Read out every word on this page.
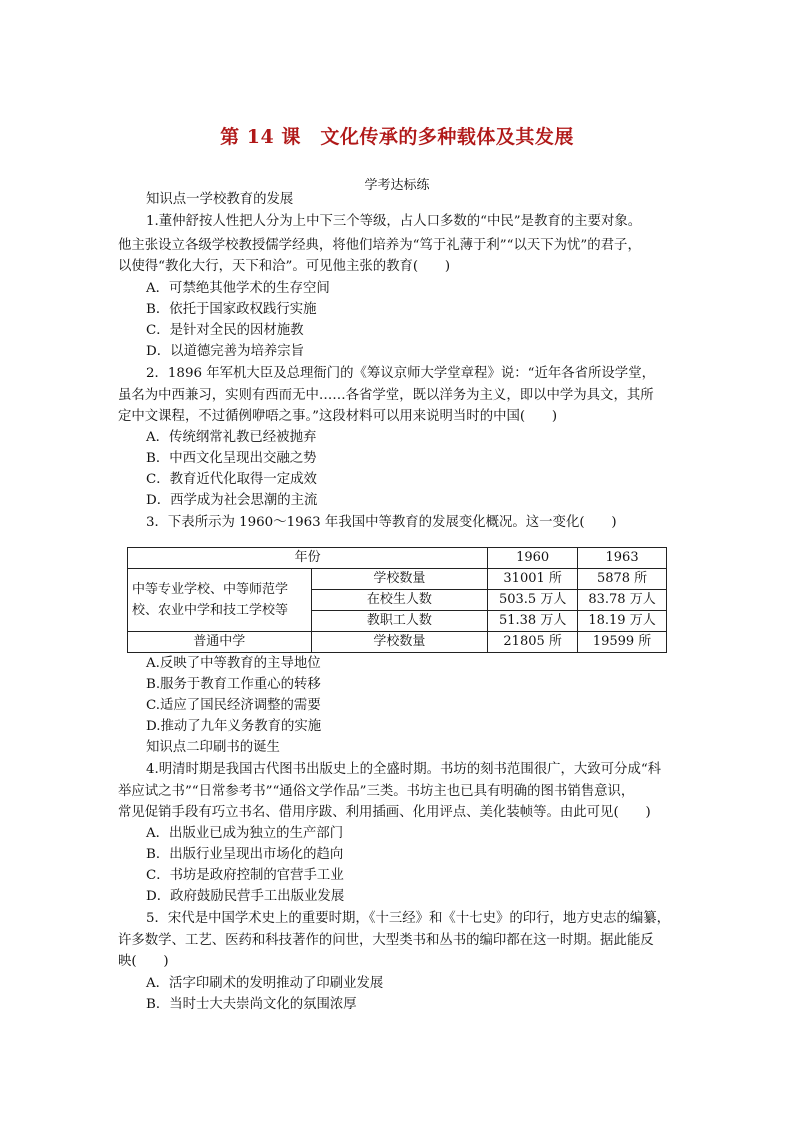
第 14 课　文化传承的多种载体及其发展
学考达标练
知识点一学校教育的发展
1.董仲舒按人性把人分为上中下三个等级，占人口多数的“中民”是教育的主要对象。
他主张设立各级学校教授儒学经典，将他们培养为“笃于礼薄于利”“以天下为忧”的君子，
以使得“教化大行，天下和洽”。可见他主张的教育(　　)
A．可禁绝其他学术的生存空间
B．依托于国家政权践行实施
C．是针对全民的因材施教
D．以道德完善为培养宗旨
2．1896 年军机大臣及总理衙门的《筹议京师大学堂章程》说：“近年各省所设学堂，
虽名为中西兼习，实则有西而无中……各省学堂，既以洋务为主义，即以中学为具文，其所
定中文课程，不过循例咿唔之事。”这段材料可以用来说明当时的中国(　　)
A．传统纲常礼教已经被抛弃
B．中西文化呈现出交融之势
C．教育近代化取得一定成效
D．西学成为社会思潮的主流
3．下表所示为 1960～1963 年我国中等教育的发展变化概况。这一变化(　　)
年份		1960	1963
中等专业学校、中等师范学校、农业中学和技工学校等	学校数量	31001 所	5878 所
	在校生人数	503.5 万人	83.78 万人
	教职工人数	51.38 万人	18.19 万人
普通中学	学校数量	21805 所	19599 所
A.反映了中等教育的主导地位
B.服务于教育工作重心的转移
C.适应了国民经济调整的需要
D.推动了九年义务教育的实施
知识点二印刷书的诞生
4.明清时期是我国古代图书出版史上的全盛时期。书坊的刻书范围很广，大致可分成“科
举应试之书”“日常参考书”“通俗文学作品”三类。书坊主也已具有明确的图书销售意识，
常见促销手段有巧立书名、借用序跋、利用插画、化用评点、美化装帧等。由此可见(　　)
A．出版业已成为独立的生产部门
B．出版行业呈现出市场化的趋向
C．书坊是政府控制的官营手工业
D．政府鼓励民营手工出版业发展
5．宋代是中国学术史上的重要时期，《十三经》和《十七史》的印行，地方史志的编纂，
许多数学、工艺、医药和科技著作的问世，大型类书和丛书的编印都在这一时期。据此能反
映(　　)
A．活字印刷术的发明推动了印刷业发展
B．当时士大夫崇尚文化的氛围浓厚
